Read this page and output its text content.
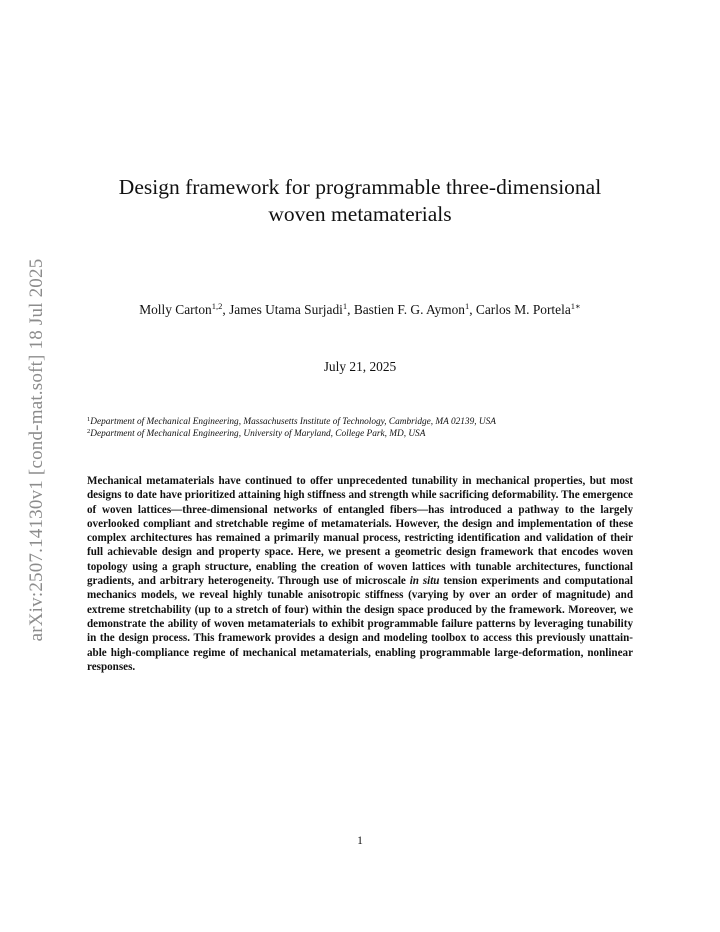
arXiv:2507.14130v1 [cond-mat.soft] 18 Jul 2025
Design framework for programmable three-dimensional
woven metamaterials
Molly Carton$^{1,2}$, James Utama Surjadi$^1$, Bastien F. G. Aymon$^1$, Carlos M. Portela$^{1∗}$
July 21, 2025
$^1$Department of Mechanical Engineering, Massachusetts Institute of Technology, Cambridge, MA 02139, USA
$^2$Department of Mechanical Engineering, University of Maryland, College Park, MD, USA
Mechanical metamaterials have continued to offer unprecedented tunability in mechanical properties, but most designs to date have prioritized attaining high stiffness and strength while sacrificing deformability. The emergence of woven lattices—three-dimensional networks of entangled fibers—has introduced a pathway to the largely overlooked compliant and stretchable regime of metamaterials. However, the design and implementation of these complex architectures has remained a primarily manual process, restricting identification and validation of their full achievable design and property space. Here, we present a geometric design framework that encodes woven topology using a graph structure, enabling the creation of woven lattices with tunable architectures, functional gradients, and arbitrary heterogeneity. Through use of microscale in situ tension experiments and computational mechanics models, we reveal highly tunable anisotropic stiffness (varying by over an order of magnitude) and extreme stretchability (up to a stretch of four) within the design space produced by the framework. Moreover, we demonstrate the ability of woven metamaterials to exhibit programmable failure patterns by leveraging tunability in the design process. This framework provides a design and modeling toolbox to access this previously unattainable high-compliance regime of mechanical metamaterials, enabling programmable large-deformation, nonlinear responses.
1
